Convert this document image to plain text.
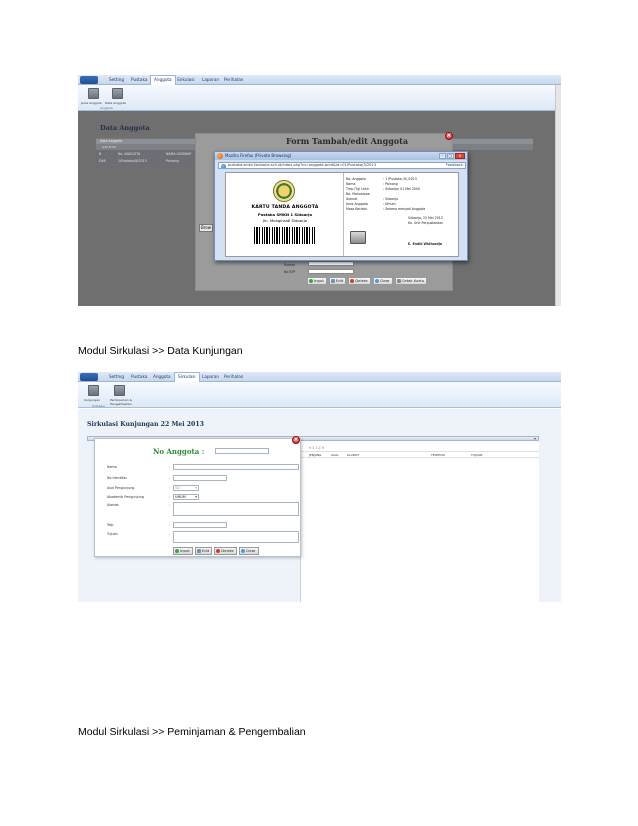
Setting	Pustaka	Anggota	Sirkulasi	Laporan	Perihalan
Jenis Anggota Data Anggota
Anggota
Data Anggota
Data Anggota
Add Print
B	No. ANGGOTA	NAMA LENGKAP
D46	1/Pustaka/III/2013	Painong
Form Tambah/edit Anggota
×
Brow
Rumah
No KTP
Input	Edit	Delete	Clear	Cetak Kartu
Mozilla Firefox (Private Browsing)	–	□	×
pustaka.smkn1sidoarjo.sch.id/index.php?m=anggota.print&id=01/Pustaka/3/2013	Feedback
KARTU TANDA ANGGOTA
Pustaka SMKN 1 Sidoarjo
Jln. Monginsidi Sidoarjo
No. Anggota	: 1 /Pustaka /III /2013
Nama	: Painong
Tmp./Tgl Lahir	: Sidoarjo/ 01 Mei 2000
No. Mahasiswa
Alamat	: Sidoarjo
Jenis Anggota	: Umum
Masa Berlaku	: Selama menjadi Anggota
Sidoarjo, 22 Mei 2013
Ka. Unit Perpustakaan
E. Endik Widhardjo
Modul Sirkulasi >> Data Kunjungan
Setting	Pustaka	Anggota	Sirkulasi	Laporan	Perihalan
Kunjungan	Peminjaman & Pengembalian
Sirkulasi
Sirkulasi Kunjungan 22 Mei 2013
▾
H 4 1 Z H
JENJANG	ASAL	ALAMAT	TELEPON	TUJUAN
No Anggota :
Nama	:
No Identitas	:
Asal Pengunjung	:	SD	▾
Akademik Pengunjung	:	UMUM	▾
Alamat	:
Telp	:
Tujuan	:
Input	Edit	Delete	Clear
×
Modul Sirkulasi >> Peminjaman & Pengembalian
